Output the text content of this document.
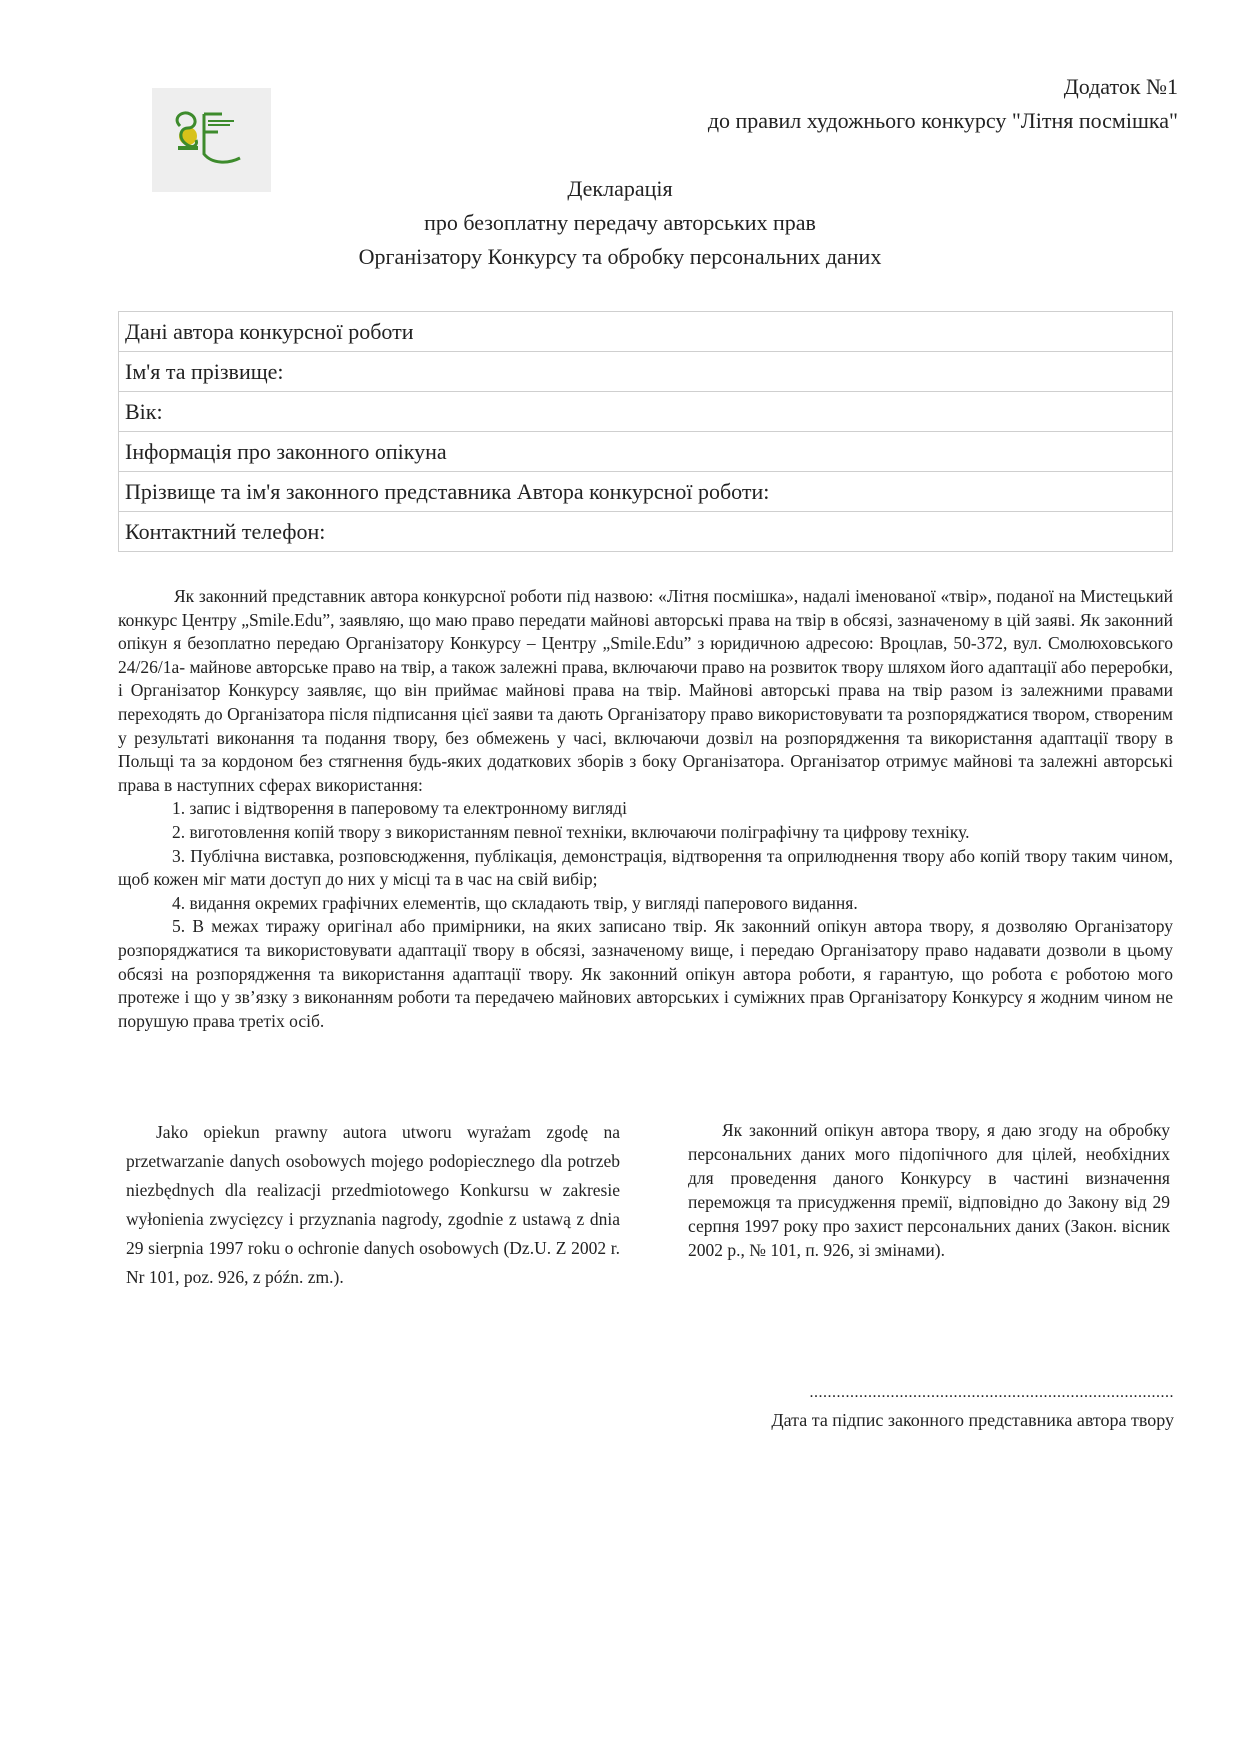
Додаток №1
до правил художнього конкурсу "Літня посмішка"
Декларація
про безоплатну передачу авторських прав
Організатору Конкурсу та обробку персональних даних
Дані автора конкурсної роботи
Ім'я та прізвище:
Вік:
Інформація про законного опікуна
Прізвище та ім'я законного представника Автора конкурсної роботи:
Контактний телефон:

Як законний представник автора конкурсної роботи під назвою: «Літня посмішка», надалі іменованої «твір», поданої на Мистецький конкурс Центру „Smile.Edu”, заявляю, що маю право передати майнові авторські права на твір в обсязі, зазначеному в цій заяві. Як законний опікун я безоплатно передаю Організатору Конкурсу – Центру „Smile.Edu” з юридичною адресою: Вроцлав, 50-372, вул. Смолюховського 24/26/1а- майнове авторське право на твір, а також залежні права, включаючи право на розвиток твору шляхом його адаптації або переробки, і Організатор Конкурсу заявляє, що він приймає майнові права на твір. Майнові авторські права на твір разом із залежними правами переходять до Організатора після підписання цієї заяви та дають Організатору право використовувати та розпоряджатися твором, створеним у результаті виконання та подання твору, без обмежень у часі, включаючи дозвіл на розпорядження та використання адаптації твору в Польщі та за кордоном без стягнення будь-яких додаткових зборів з боку Організатора. Організатор отримує майнові та залежні авторські права в наступних сферах використання:

1. запис і відтворення в паперовому та електронному вигляді

2. виготовлення копій твору з використанням певної техніки, включаючи поліграфічну та цифрову техніку.

3. Публічна виставка, розповсюдження, публікація, демонстрація, відтворення та оприлюднення твору або копій твору таким чином, щоб кожен міг мати доступ до них у місці та в час на свій вибір;

4. видання окремих графічних елементів, що складають твір, у вигляді паперового видання.

5. В межах тиражу оригінал або примірники, на яких записано твір. Як законний опікун автора твору, я дозволяю Організатору розпоряджатися та використовувати адаптації твору в обсязі, зазначеному вище, і передаю Організатору право надавати дозволи в цьому обсязі на розпорядження та використання адаптації твору. Як законний опікун автора роботи, я гарантую, що робота є роботою мого протеже і що у зв’язку з виконанням роботи та передачею майнових авторських і суміжних прав Організатору Конкурсу я жодним чином не порушую права третіх осіб.

Jako opiekun prawny autora utworu wyrażam zgodę na przetwarzanie danych osobowych mojego podopiecznego dla potrzeb niezbędnych dla realizacji przedmiotowego Konkursu w zakresie wyłonienia zwycięzcy i przyznania nagrody, zgodnie z ustawą z dnia 29 sierpnia 1997 roku o ochronie danych osobowych (Dz.U. Z 2002 r. Nr 101, poz. 926, z późn. zm.).

Як законний опікун автора твору, я даю згоду на обробку персональних даних мого підопічного для цілей, необхідних для проведення даного Конкурсу в частині визначення переможця та присудження премії, відповідно до Закону від 29 серпня 1997 року про захист персональних даних (Закон. вісник 2002 р., № 101, п. 926, зі змінами).

.................................................................................
Дата та підпис законного представника автора твору
